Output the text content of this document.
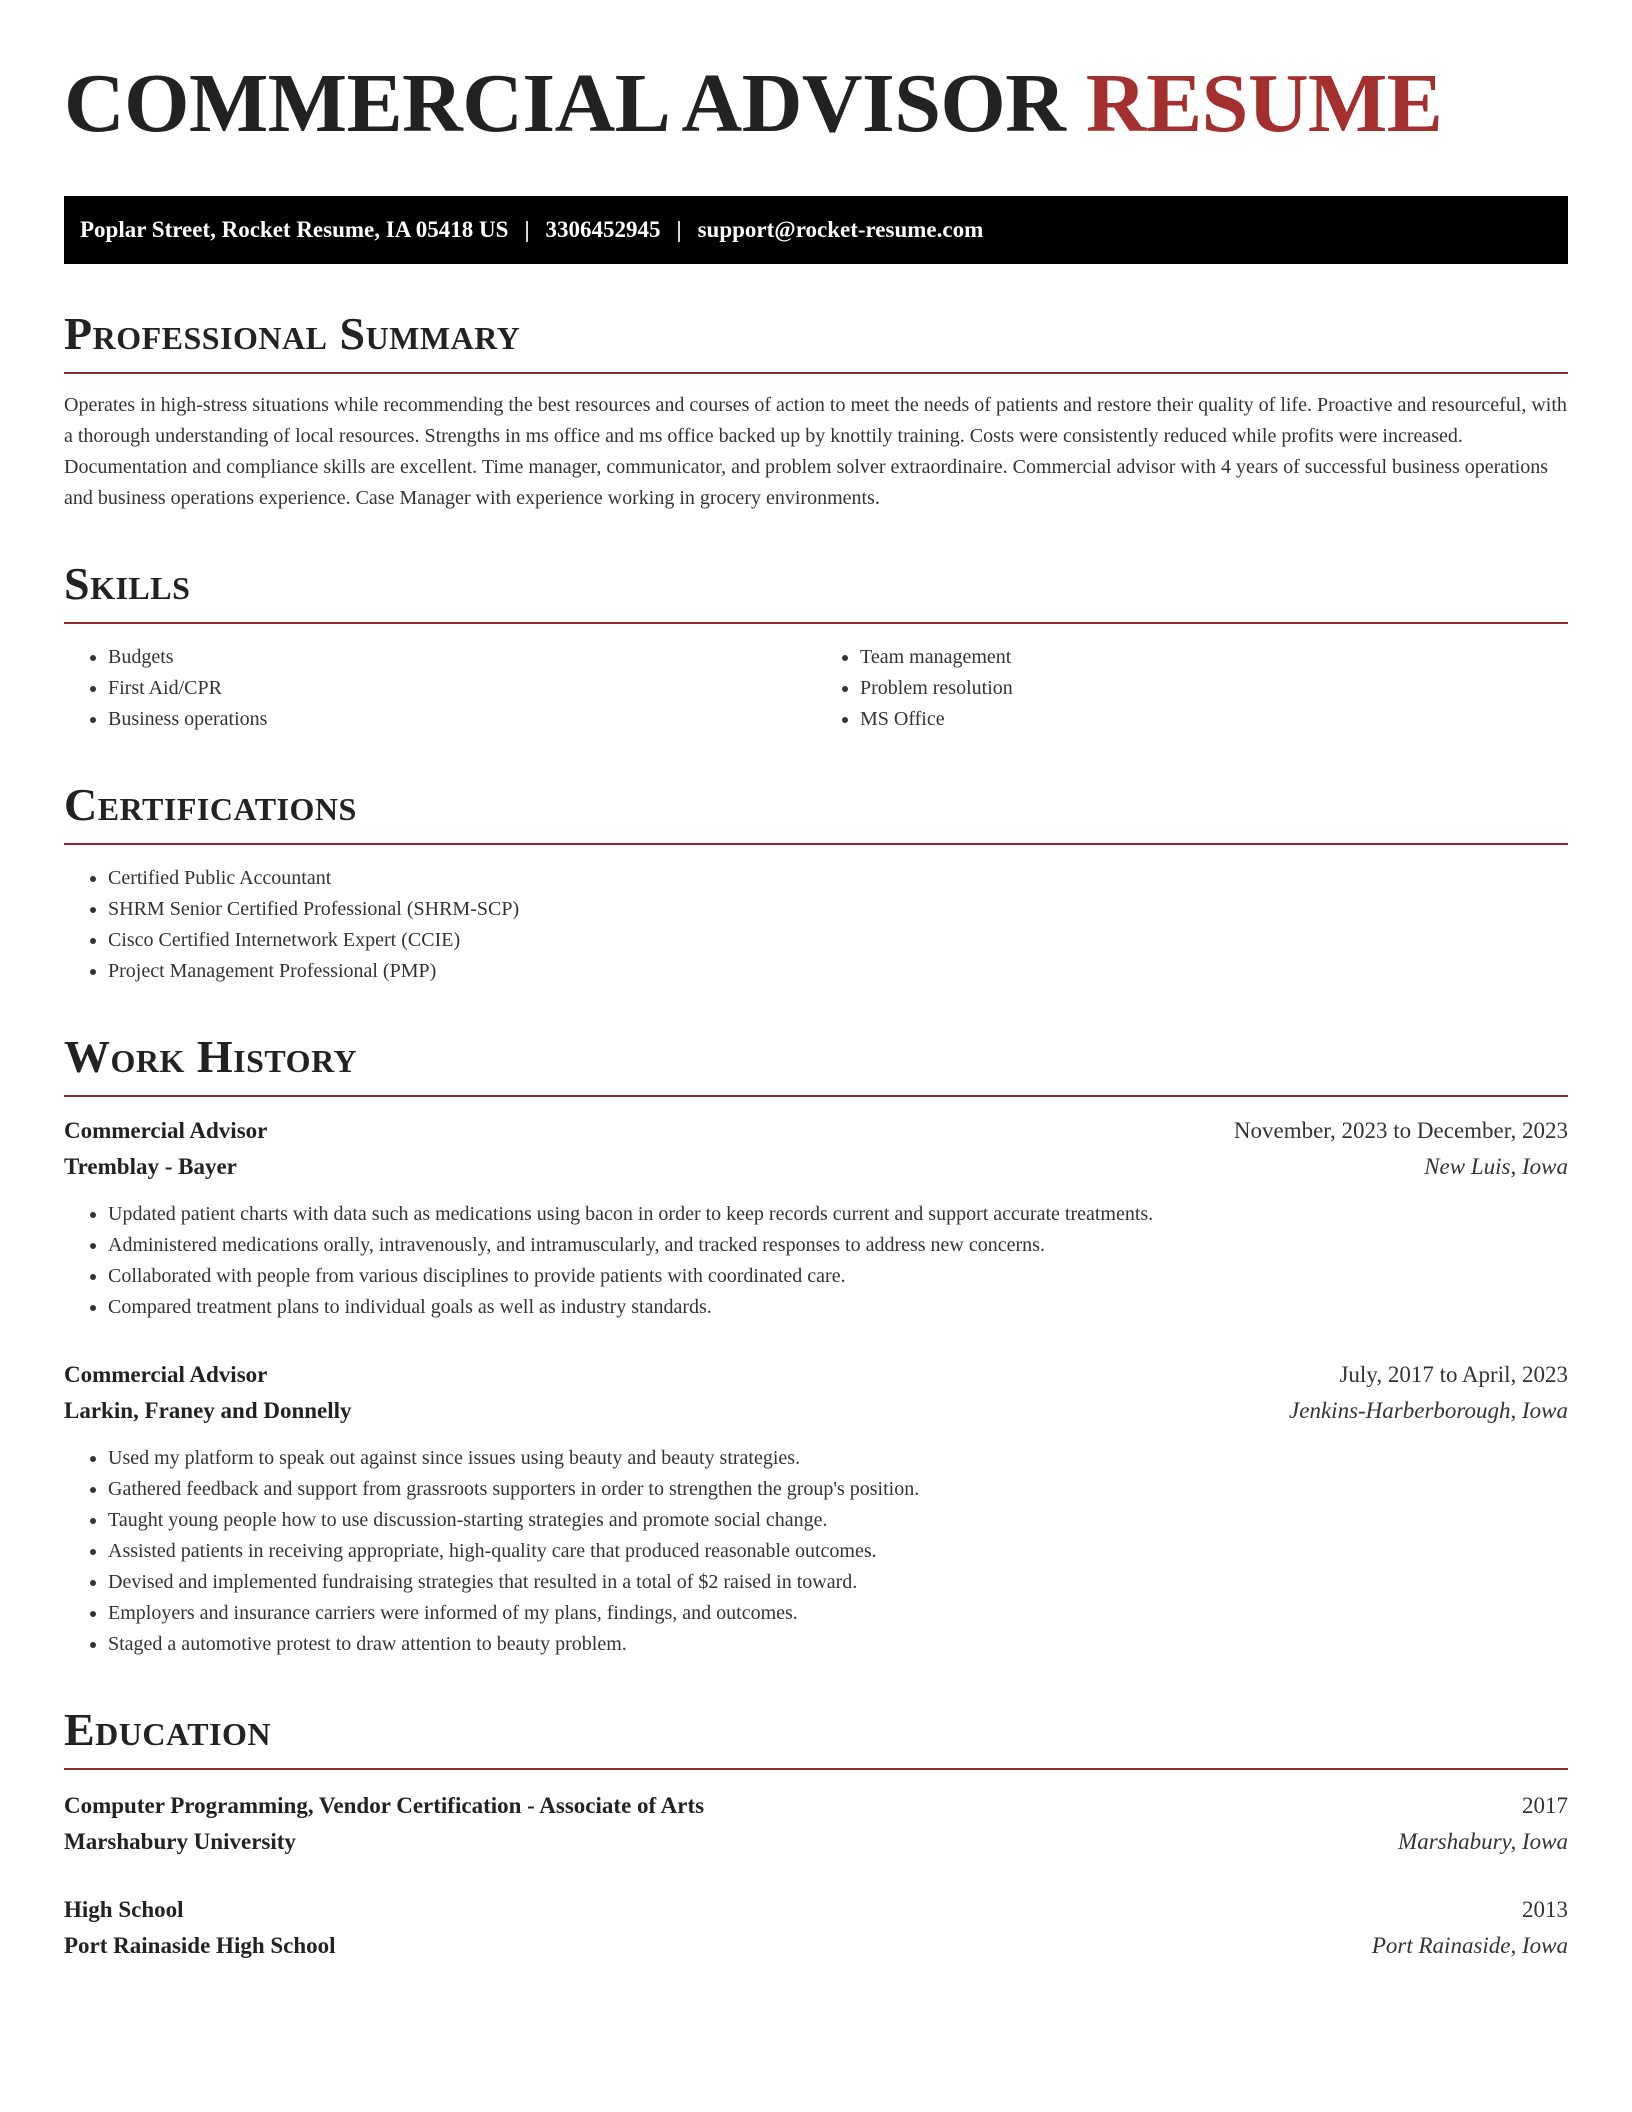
COMMERCIAL ADVISOR RESUME
Poplar Street, Rocket Resume, IA 05418 US | 3306452945 | support@rocket-resume.com
Professional Summary

Operates in high-stress situations while recommending the best resources and courses of action to meet the needs of patients and restore their quality of life. Proactive and resourceful, with a thorough understanding of local resources. Strengths in ms office and ms office backed up by knottily training. Costs were consistently reduced while profits were increased. Documentation and compliance skills are excellent. Time manager, communicator, and problem solver extraordinaire. Commercial advisor with 4 years of successful business operations and business operations experience. Case Manager with experience working in grocery environments.

Skills
• Budgets
• First Aid/CPR
• Business operations
• Team management
• Problem resolution
• MS Office
Certifications
• Certified Public Accountant
• SHRM Senior Certified Professional (SHRM-SCP)
• Cisco Certified Internetwork Expert (CCIE)
• Project Management Professional (PMP)
Work History
Commercial Advisor	November, 2023 to December, 2023
Tremblay - Bayer	New Luis, Iowa
• Updated patient charts with data such as medications using bacon in order to keep records current and support accurate treatments.
• Administered medications orally, intravenously, and intramuscularly, and tracked responses to address new concerns.
• Collaborated with people from various disciplines to provide patients with coordinated care.
• Compared treatment plans to individual goals as well as industry standards.
Commercial Advisor	July, 2017 to April, 2023
Larkin, Franey and Donnelly	Jenkins-Harberborough, Iowa
• Used my platform to speak out against since issues using beauty and beauty strategies.
• Gathered feedback and support from grassroots supporters in order to strengthen the group's position.
• Taught young people how to use discussion-starting strategies and promote social change.
• Assisted patients in receiving appropriate, high-quality care that produced reasonable outcomes.
• Devised and implemented fundraising strategies that resulted in a total of $2 raised in toward.
• Employers and insurance carriers were informed of my plans, findings, and outcomes.
• Staged a automotive protest to draw attention to beauty problem.
Education
Computer Programming, Vendor Certification - Associate of Arts	2017
Marshabury University	Marshabury, Iowa
High School	2013
Port Rainaside High School	Port Rainaside, Iowa
